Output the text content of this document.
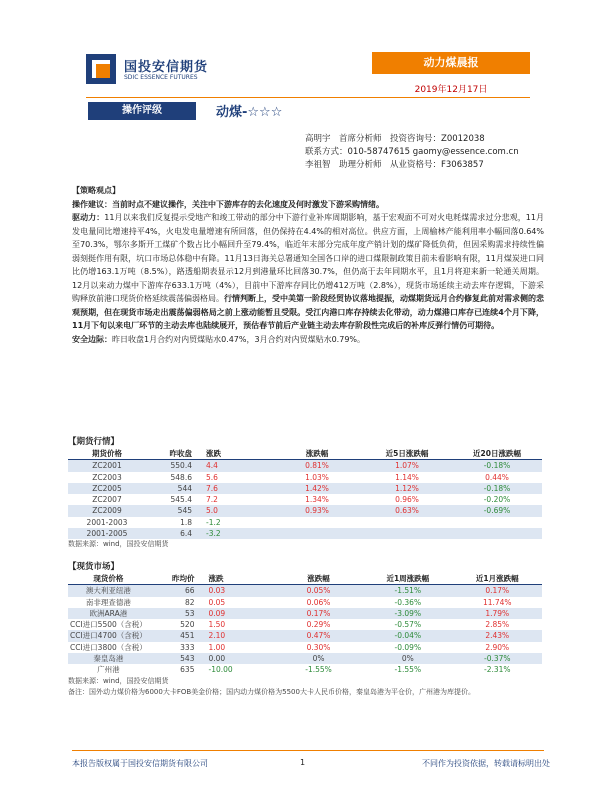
国投安信期货
SDIC ESSENCE FUTURES
动力煤晨报
2019年12月17日
操作评级	动煤-☆☆☆
高明宇　首席分析师　投资咨询号：Z0012038
联系方式：010-58747615 gaomy@essence.com.cn
李祖智　助理分析师　从业资格号：F3063857

【策略观点】

操作建议：当前时点不建议操作，关注中下游库存的去化速度及何时激发下游采购情绪。

驱动力：11月以来我们反复提示受地产和竣工带动的部分中下游行业补库周期影响，基于宏观面不可对火电耗煤需求过分悲观，11月发电量同比增速持平4%，火电发电量增速有所回落，但仍保持在4.4%的相对高位。供应方面，上周榆林产能利用率小幅回落0.64%至70.3%，鄂尔多斯开工煤矿个数占比小幅回升至79.4%，临近年末部分完成年度产销计划的煤矿降低负荷，但因采购需求持续性偏弱刻挺作用有限，坑口市场总体稳中有降。11月13日海关总署通知全国各口岸的进口煤限制政策目前未看影响有限，11月煤炭进口同比仍增163.1万吨（8.5%），路透船期表显示12月到港量环比回落30.7%，但仍高于去年同期水平，且1月将迎来新一轮通关周期。12月以来动力煤中下游库存633.1万吨（4%），目前中下游库存同比仍增412万吨（2.8%），现货市场延续主动去库存逻辑，下游采购释放前港口现货价格延续震荡偏弱格局。行情判断上，受中美第一阶段经贸协议落地提振，动煤期货远月合约修复此前对需求侧的悲观预期，但在现货市场走出震荡偏弱格局之前上涨动能暂且受限。受江内港口库存持续去化带动，动力煤港口库存已连续4个月下降，11月下旬以来电厂环节的主动去库也陆续展开，预估春节前后产业链主动去库存阶段性完成后的补库反弹行情仍可期待。

安全边际：昨日收盘1月合约对内贸煤贴水0.47%，3月合约对内贸煤贴水0.79%。

【期货行情】
期货价格	昨收盘	涨跌	涨跌幅	近5日涨跌幅	近20日涨跌幅
ZC2001	550.4	4.4	0.81%	1.07%	-0.18%
ZC2003	548.6	5.6	1.03%	1.14%	0.44%
ZC2005	544	7.6	1.42%	1.12%	-0.18%
ZC2007	545.4	7.2	1.34%	0.96%	-0.20%
ZC2009	545	5.0	0.93%	0.63%	-0.69%
2001-2003	1.8	-1.2			
2001-2005	6.4	-3.2			
数据来源：wind，国投安信期货
【现货市场】
现货价格	昨均价	涨跌	涨跌幅	近1周涨跌幅	近1月涨跌幅
澳大利亚纽港	66	0.03	0.05%	-1.51%	0.17%
南非理查德港	82	0.05	0.06%	-0.36%	11.74%
欧洲ARA港	53	0.09	0.17%	-3.09%	1.79%
CCI进口5500（含税）	520	1.50	0.29%	-0.57%	2.85%
CCI进口4700（含税）	451	2.10	0.47%	-0.04%	2.43%
CCI进口3800（含税）	333	1.00	0.30%	-0.09%	2.90%
秦皇岛港	543	0.00	0%	0%	-0.37%
广州港	635	-10.00	-1.55%	-1.55%	-2.31%
数据来源：wind，国投安信期货
备注：国外动力煤价格为6000大卡FOB美金价格；国内动力煤价格为5500大卡人民币价格，秦皇岛港为平仓价，广州港为库提价。
本报告版权属于国投安信期货有限公司	1	不同作为投资依据，转载请标明出处
